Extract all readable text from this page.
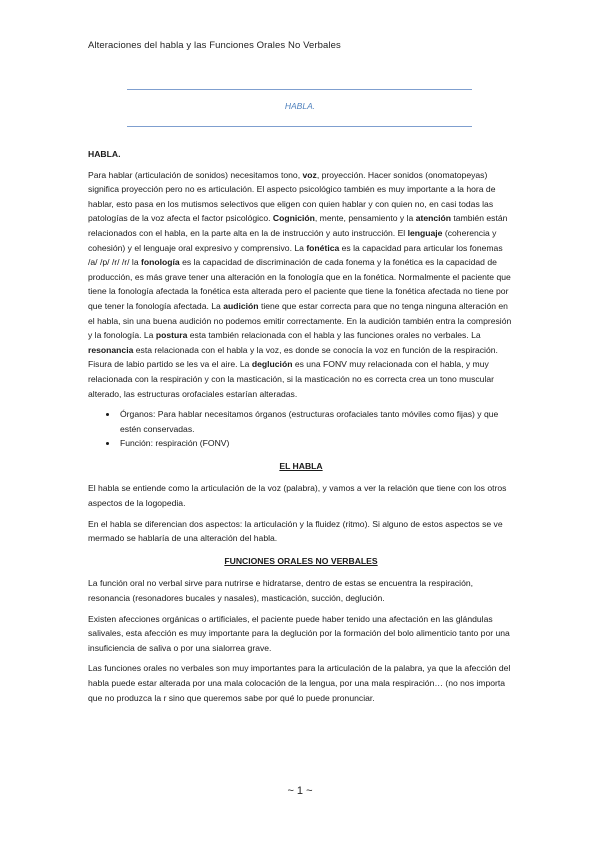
Alteraciones del habla y las Funciones Orales No Verbales
HABLA.

HABLA.

Para hablar (articulación de sonidos) necesitamos tono, voz, proyección. Hacer sonidos (onomatopeyas) significa proyección pero no es articulación. El aspecto psicológico también es muy importante a la hora de hablar, esto pasa en los mutismos selectivos que eligen con quien hablar y con quien no, en casi todas las patologías de la voz afecta el factor psicológico. Cognición, mente, pensamiento y la atención también están relacionados con el habla, en la parte alta en la de instrucción y auto instrucción. El lenguaje (coherencia y cohesión) y el lenguaje oral expresivo y comprensivo. La fonética es la capacidad para articular los fonemas /a/ /p/ /r/ /r/ la fonología es la capacidad de discriminación de cada fonema y la fonética es la capacidad de producción, es más grave tener una alteración en la fonología que en la fonética. Normalmente el paciente que tiene la fonología afectada la fonética esta alterada pero el paciente que tiene la fonética afectada no tiene por que tener la fonología afectada. La audición tiene que estar correcta para que no tenga ninguna alteración en el habla, sin una buena audición no podemos emitir correctamente. En la audición también entra la compresión y la fonología. La postura esta también relacionada con el habla y las funciones orales no verbales. La resonancia esta relacionada con el habla y la voz, es donde se conocía la voz en función de la respiración. Fisura de labio partido se les va el aire. La deglución es una FONV muy relacionada con el habla, y muy relacionada con la respiración y con la masticación, si la masticación no es correcta crea un tono muscular alterado, las estructuras orofaciales estarían alteradas.

• Órganos: Para hablar necesitamos órganos (estructuras orofaciales tanto móviles como fijas) y que estén conservadas.
• Función: respiración (FONV)

EL HABLA

El habla se entiende como la articulación de la voz (palabra), y vamos a ver la relación que tiene con los otros aspectos de la logopedia.

En el habla se diferencian dos aspectos: la articulación y la fluidez (ritmo). Si alguno de estos aspectos se ve mermado se hablaría de una alteración del habla.

FUNCIONES ORALES NO VERBALES

La función oral no verbal sirve para nutrirse e hidratarse, dentro de estas se encuentra la respiración, resonancia (resonadores bucales y nasales), masticación, succión, deglución.

Existen afecciones orgánicas o artificiales, el paciente puede haber tenido una afectación en las glándulas salivales, esta afección es muy importante para la deglución por la formación del bolo alimenticio tanto por una insuficiencia de saliva o por una sialorrea grave.

Las funciones orales no verbales son muy importantes para la articulación de la palabra, ya que la afección del habla puede estar alterada por una mala colocación de la lengua, por una mala respiración… (no nos importa que no produzca la r sino que queremos sabe por qué lo puede pronunciar.

~ 1 ~
